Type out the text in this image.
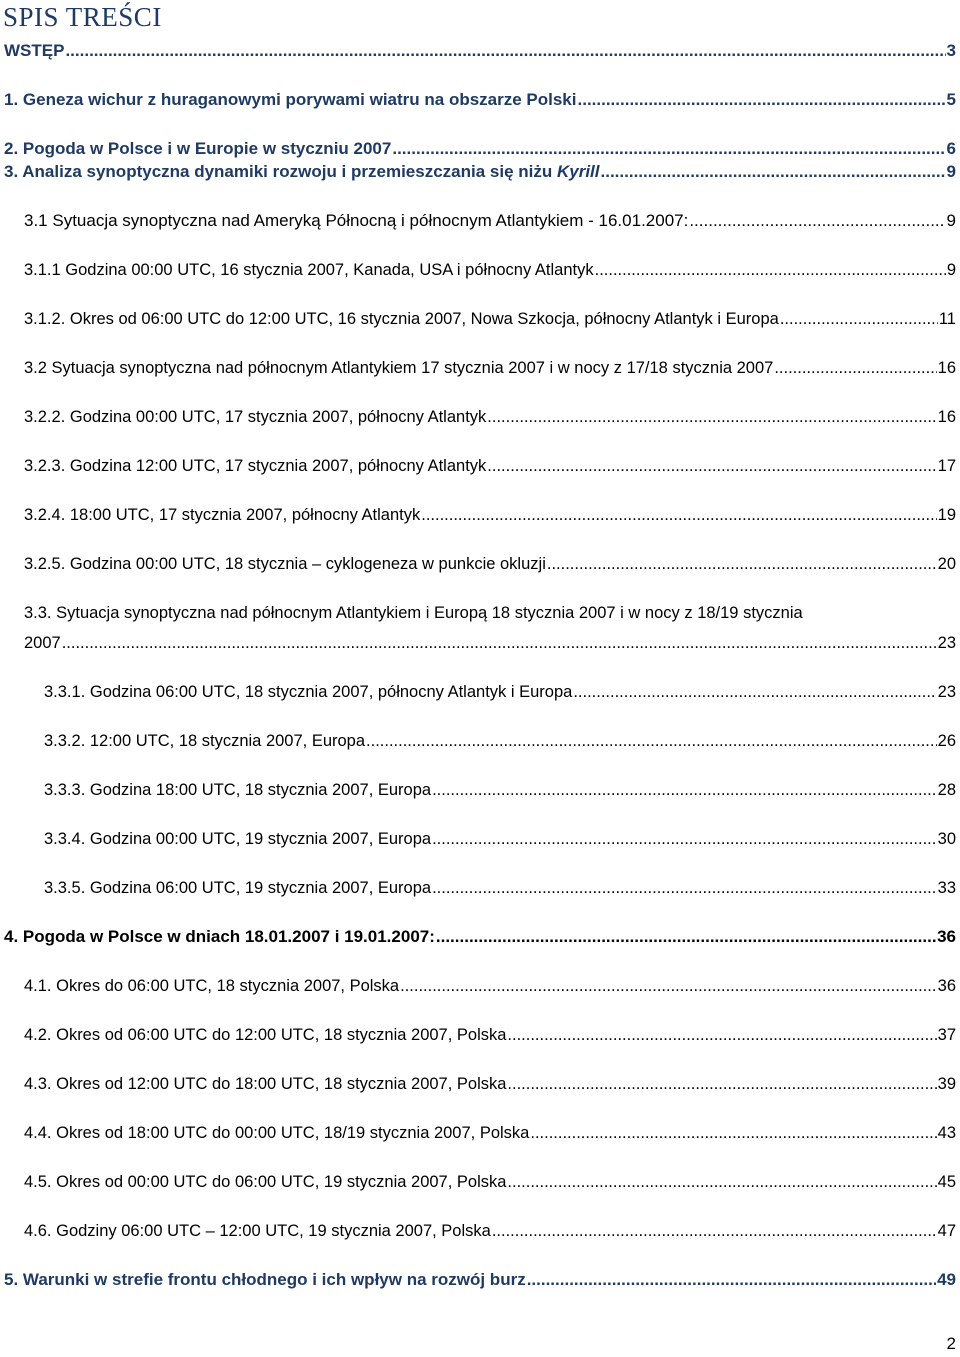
SPIS TREŚCI
WSTĘP .....	3
1. Geneza wichur z huraganowymi porywami wiatru na obszarze Polski .....	5
2. Pogoda w Polsce i w Europie w styczniu 2007 .....	6
3. Analiza synoptyczna dynamiki rozwoju i przemieszczania się niżu Kyrill .....	9
3.1 Sytuacja synoptyczna nad Ameryką Północną i północnym Atlantykiem - 16.01.2007: .....	9
3.1.1 Godzina 00:00 UTC, 16 stycznia 2007, Kanada, USA i północny Atlantyk .....	9
3.1.2. Okres od 06:00 UTC do 12:00 UTC, 16 stycznia 2007, Nowa Szkocja, północny Atlantyk i Europa .....	11
3.2 Sytuacja synoptyczna nad północnym Atlantykiem 17 stycznia 2007 i w nocy z 17/18 stycznia 2007 .....	16
3.2.2. Godzina 00:00 UTC, 17 stycznia 2007, północny Atlantyk .....	16
3.2.3. Godzina 12:00 UTC, 17 stycznia 2007, północny Atlantyk .....	17
3.2.4. 18:00 UTC, 17 stycznia 2007, północny Atlantyk .....	19
3.2.5. Godzina 00:00 UTC, 18 stycznia – cyklogeneza w punkcie okluzji .....	20
3.3. Sytuacja synoptyczna nad północnym Atlantykiem i Europą 18 stycznia 2007 i w nocy z 18/19 stycznia
2007 .....	23
3.3.1. Godzina 06:00 UTC, 18 stycznia 2007, północny Atlantyk i Europa .....	23
3.3.2. 12:00 UTC, 18 stycznia 2007, Europa .....	26
3.3.3. Godzina 18:00 UTC, 18 stycznia 2007, Europa .....	28
3.3.4. Godzina 00:00 UTC, 19 stycznia 2007, Europa .....	30
3.3.5. Godzina 06:00 UTC, 19 stycznia 2007, Europa .....	33
4. Pogoda w Polsce w dniach 18.01.2007 i 19.01.2007: .....	36
4.1. Okres do 06:00 UTC, 18 stycznia 2007, Polska .....	36
4.2. Okres od 06:00 UTC do 12:00 UTC, 18 stycznia 2007, Polska .....	37
4.3. Okres od 12:00 UTC do 18:00 UTC, 18 stycznia 2007, Polska .....	39
4.4. Okres od 18:00 UTC do 00:00 UTC, 18/19 stycznia 2007, Polska .....	43
4.5. Okres od 00:00 UTC do 06:00 UTC, 19 stycznia 2007, Polska .....	45
4.6. Godziny 06:00 UTC – 12:00 UTC, 19 stycznia 2007, Polska .....	47
5. Warunki w strefie frontu chłodnego i ich wpływ na rozwój burz .....	49
2
